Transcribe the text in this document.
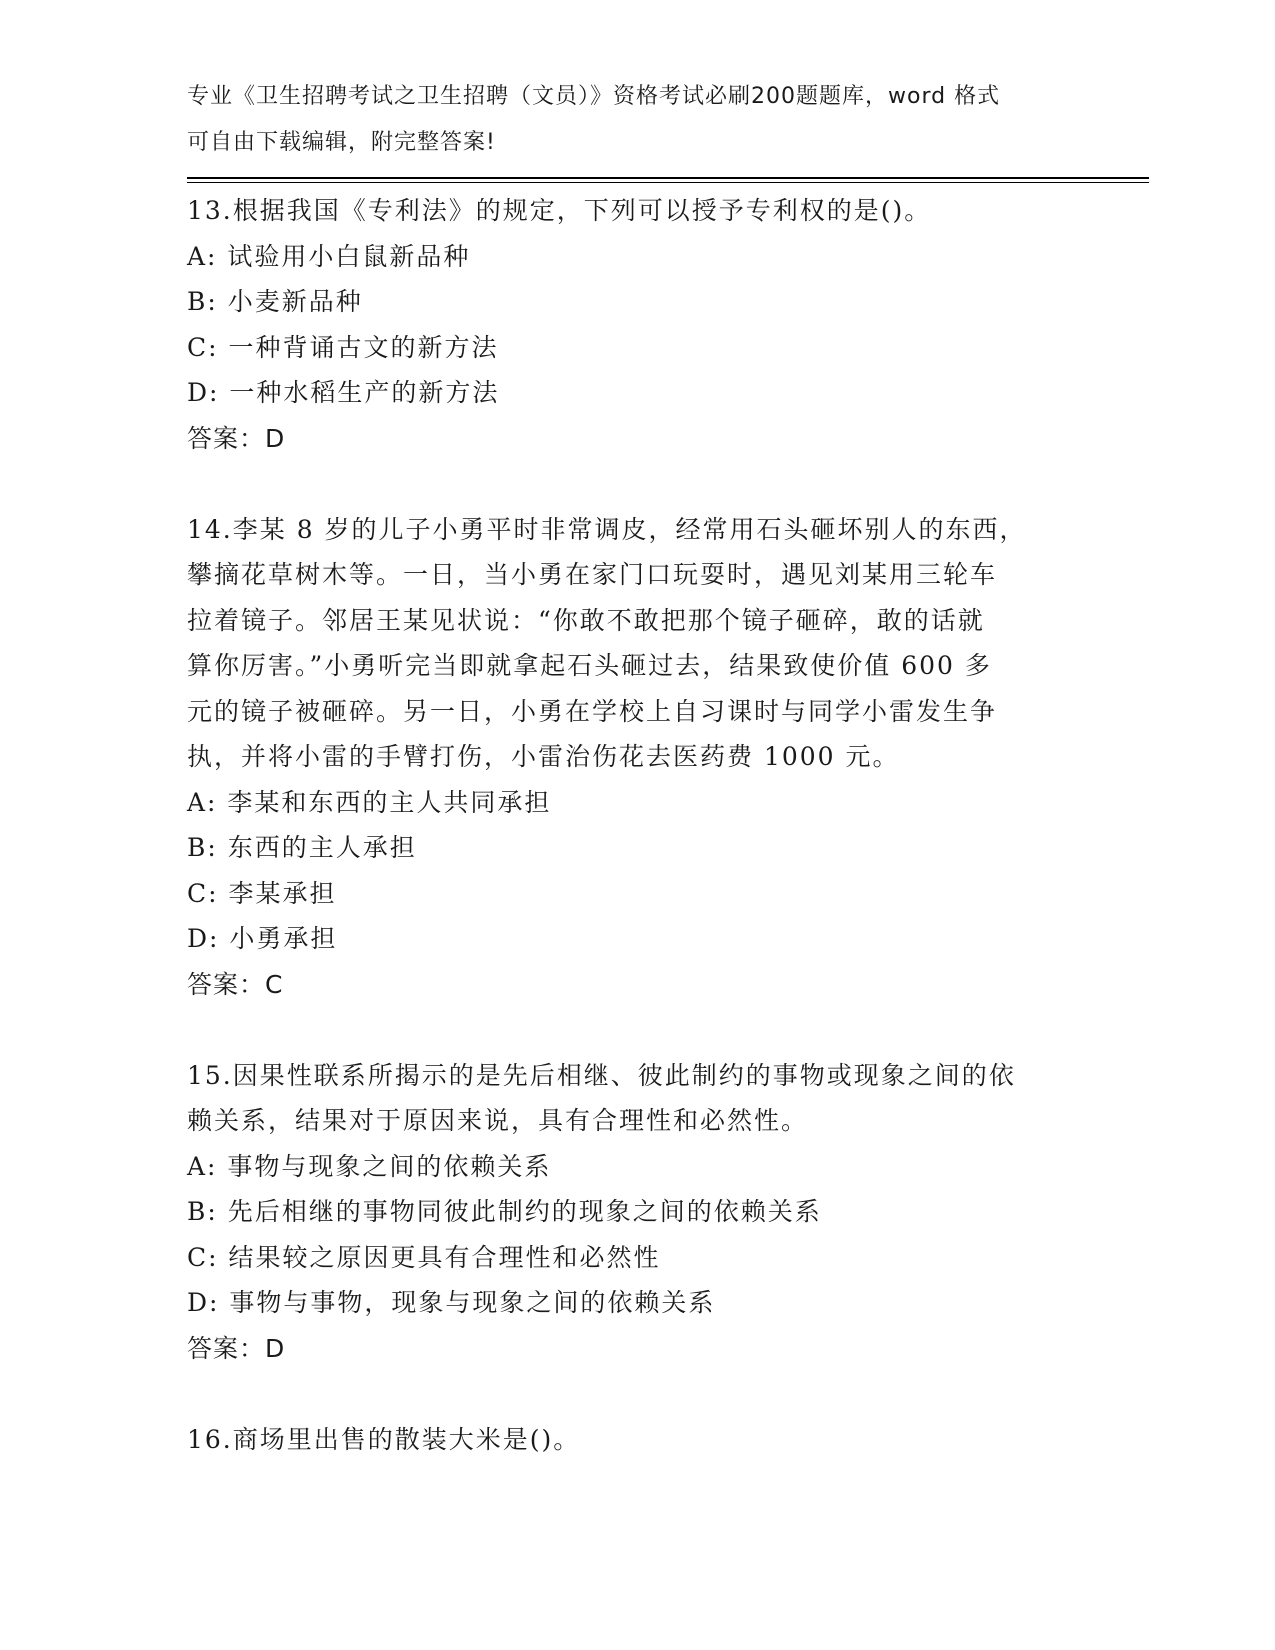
专业《卫生招聘考试之卫生招聘（文员）》资格考试必刷200题题库，word 格式
可自由下载编辑，附完整答案!
13.根据我国《专利法》的规定，下列可以授予专利权的是()。
A: 试验用小白鼠新品种
B: 小麦新品种
C: 一种背诵古文的新方法
D: 一种水稻生产的新方法
答案：D
14.李某 8 岁的儿子小勇平时非常调皮，经常用石头砸坏别人的东西，
攀摘花草树木等。一日，当小勇在家门口玩耍时，遇见刘某用三轮车
拉着镜子。邻居王某见状说：“你敢不敢把那个镜子砸碎，敢的话就
算你厉害。”小勇听完当即就拿起石头砸过去，结果致使价值 600 多
元的镜子被砸碎。另一日，小勇在学校上自习课时与同学小雷发生争
执，并将小雷的手臂打伤，小雷治伤花去医药费 1000 元。
A: 李某和东西的主人共同承担
B: 东西的主人承担
C: 李某承担
D: 小勇承担
答案：C
15.因果性联系所揭示的是先后相继、彼此制约的事物或现象之间的依
赖关系，结果对于原因来说，具有合理性和必然性。
A: 事物与现象之间的依赖关系
B: 先后相继的事物同彼此制约的现象之间的依赖关系
C: 结果较之原因更具有合理性和必然性
D: 事物与事物，现象与现象之间的依赖关系
答案：D
16.商场里出售的散装大米是()。
